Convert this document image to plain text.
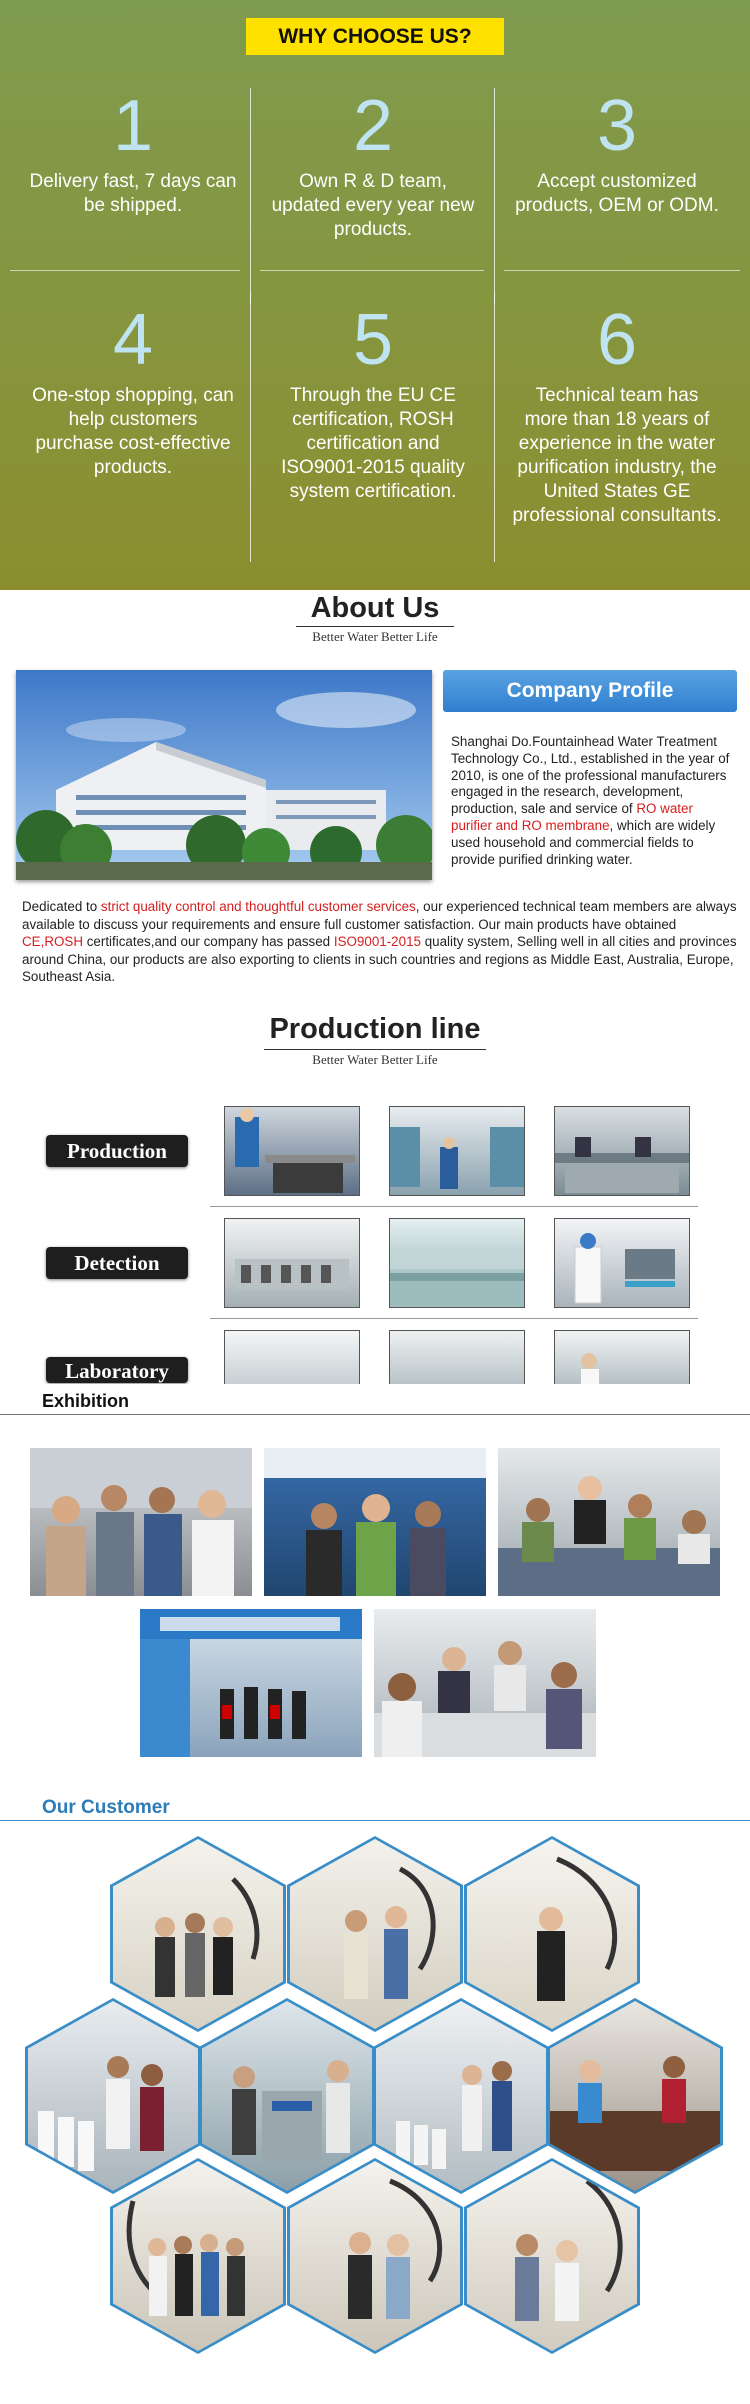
WHY CHOOSE US?
1
Delivery fast, 7 days can be shipped.
2
Own R & D team, updated every year new products.
3
Accept customized products, OEM or ODM.
4
One-stop shopping, can help customers purchase cost-effective products.
5
Through the EU CE certification, ROSH certification and ISO9001-2015 quality system certification.
6
Technical team has more than 18 years of experience in the water purification industry, the United States GE professional consultants.
About Us
Better Water Better Life
Company Profile
Shanghai Do.Fountainhead Water Treatment Technology Co., Ltd., established in the year of 2010, is one of the professional manufacturers engaged in the research, development, production, sale and service of RO water purifier and RO membrane, which are widely used household and commercial fields to provide purified drinking water.
Dedicated to strict quality control and thoughtful customer services, our experienced technical team members are always available to discuss your requirements and ensure full customer satisfaction. Our main products have obtained CE,ROSH certificates,and our company has passed ISO9001-2015 quality system, Selling well in all cities and provinces around China, our products are also exporting to clients in such countries and regions as Middle East, Australia, Europe, Southeast Asia.
Production line
Better Water Better Life
Production
Detection
Laboratory
Exhibition
Our Customer
